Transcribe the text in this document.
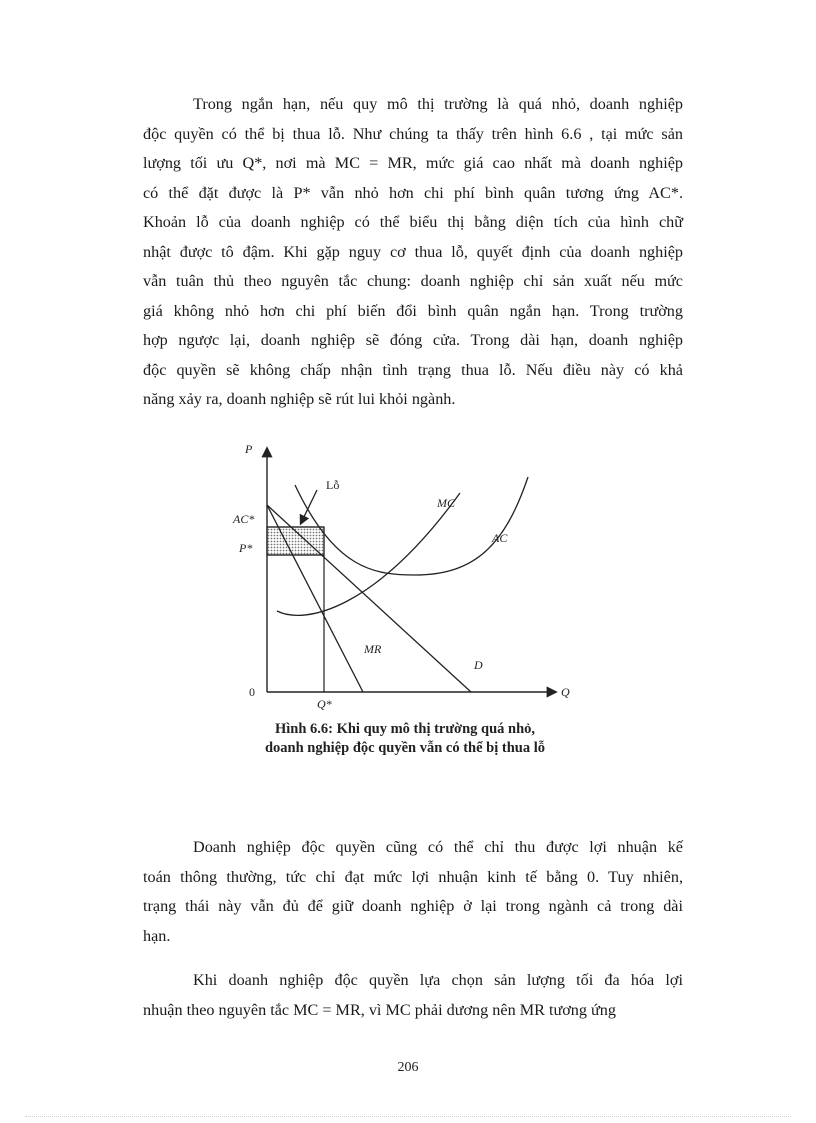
Trong ngắn hạn, nếu quy mô thị trường là quá nhỏ, doanh nghiệp
độc quyền có thể bị thua lỗ. Như chúng ta thấy trên hình 6.6 , tại mức sản
lượng tối ưu Q*, nơi mà MC = MR, mức giá cao nhất mà doanh nghiệp
có thể đặt được là P* vẫn nhỏ hơn chi phí bình quân tương ứng AC*.
Khoản lỗ của doanh nghiệp có thể biểu thị bằng diện tích của hình chữ
nhật được tô đậm. Khi gặp nguy cơ thua lỗ, quyết định của doanh nghiệp
vẫn tuân thủ theo nguyên tắc chung: doanh nghiệp chỉ sản xuất nếu mức
giá không nhỏ hơn chi phí biến đổi bình quân ngắn hạn. Trong trường
hợp ngược lại, doanh nghiệp sẽ đóng cửa. Trong dài hạn, doanh nghiệp
độc quyền sẽ không chấp nhận tình trạng thua lỗ. Nếu điều này có khả
năng xảy ra, doanh nghiệp sẽ rút lui khỏi ngành.
P
Q
0
AC*
P*
Q*
Lỗ
MC
AC
MR
D
Hình 6.6: Khi quy mô thị trường quá nhỏ,
doanh nghiệp độc quyền vẫn có thể bị thua lỗ
Doanh nghiệp độc quyền cũng có thể chỉ thu được lợi nhuận kế
toán thông thường, tức chỉ đạt mức lợi nhuận kinh tế bằng 0. Tuy nhiên,
trạng thái này vẫn đủ để giữ doanh nghiệp ở lại trong ngành cả trong dài
hạn.
Khi doanh nghiệp độc quyền lựa chọn sản lượng tối đa hóa lợi
nhuận theo nguyên tắc MC = MR, vì MC phải dương nên MR tương ứng
206
